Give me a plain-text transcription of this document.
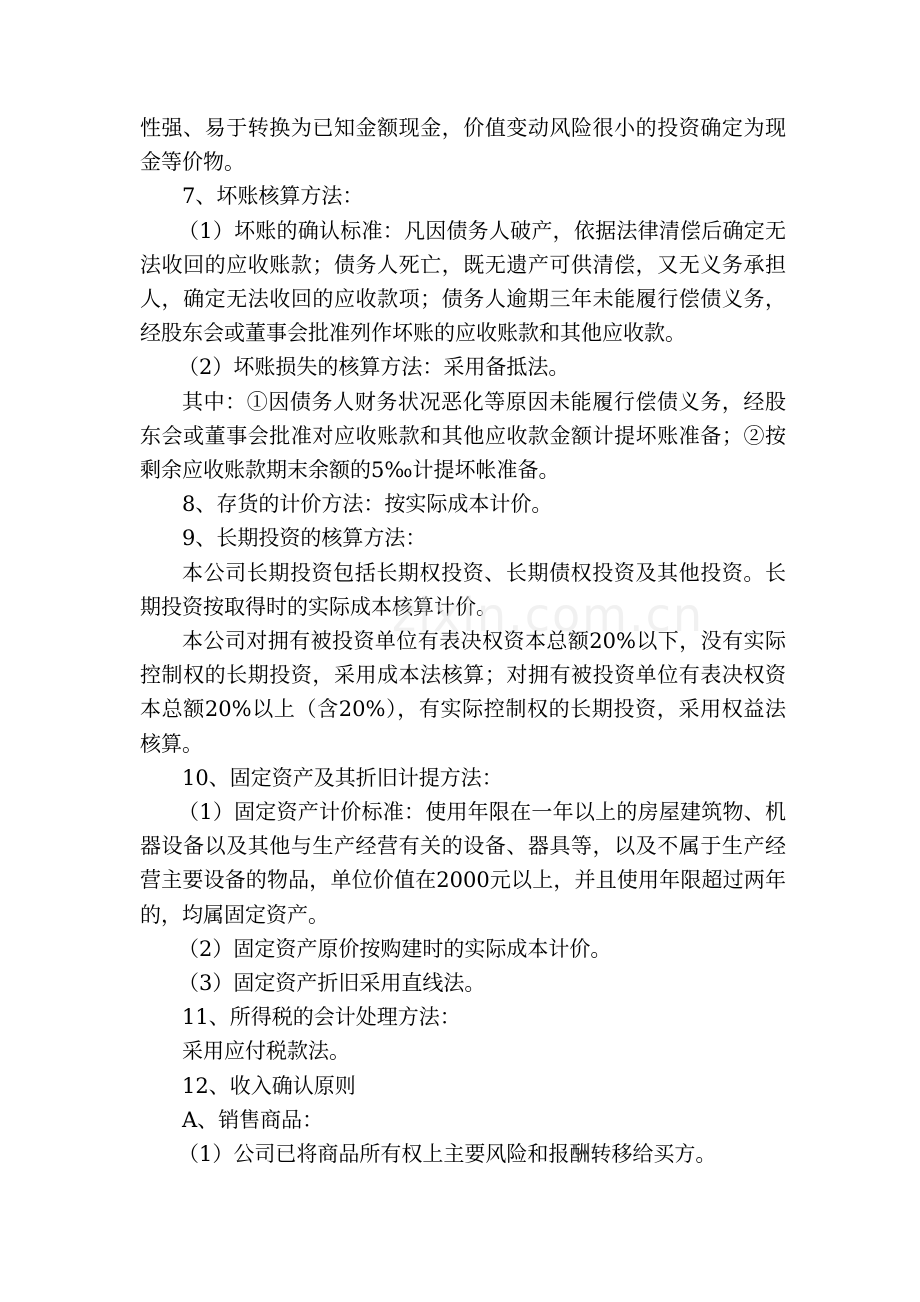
性强、易于转换为已知金额现金，价值变动风险很小的投资确定为现金等价物。

7、坏账核算方法：

（1）坏账的确认标准：凡因债务人破产，依据法律清偿后确定无法收回的应收账款；债务人死亡，既无遗产可供清偿，又无义务承担人，确定无法收回的应收款项；债务人逾期三年未能履行偿债义务，经股东会或董事会批准列作坏账的应收账款和其他应收款。

（2）坏账损失的核算方法：采用备抵法。

其中：①因债务人财务状况恶化等原因未能履行偿债义务，经股东会或董事会批准对应收账款和其他应收款金额计提坏账准备；②按剩余应收账款期末余额的5‰计提坏帐准备。

8、存货的计价方法：按实际成本计价。

9、长期投资的核算方法：

本公司长期投资包括长期权投资、长期债权投资及其他投资。长期投资按取得时的实际成本核算计价。

本公司对拥有被投资单位有表决权资本总额20%以下，没有实际控制权的长期投资，采用成本法核算；对拥有被投资单位有表决权资本总额20%以上（含20%），有实际控制权的长期投资，采用权益法核算。

10、固定资产及其折旧计提方法：

（1）固定资产计价标准：使用年限在一年以上的房屋建筑物、机器设备以及其他与生产经营有关的设备、器具等，以及不属于生产经营主要设备的物品，单位价值在2000元以上，并且使用年限超过两年的，均属固定资产。

（2）固定资产原价按购建时的实际成本计价。

（3）固定资产折旧采用直线法。

11、所得税的会计处理方法：

采用应付税款法。

12、收入确认原则

A、销售商品：

（1）公司已将商品所有权上主要风险和报酬转移给买方。

zixin.com.cn
